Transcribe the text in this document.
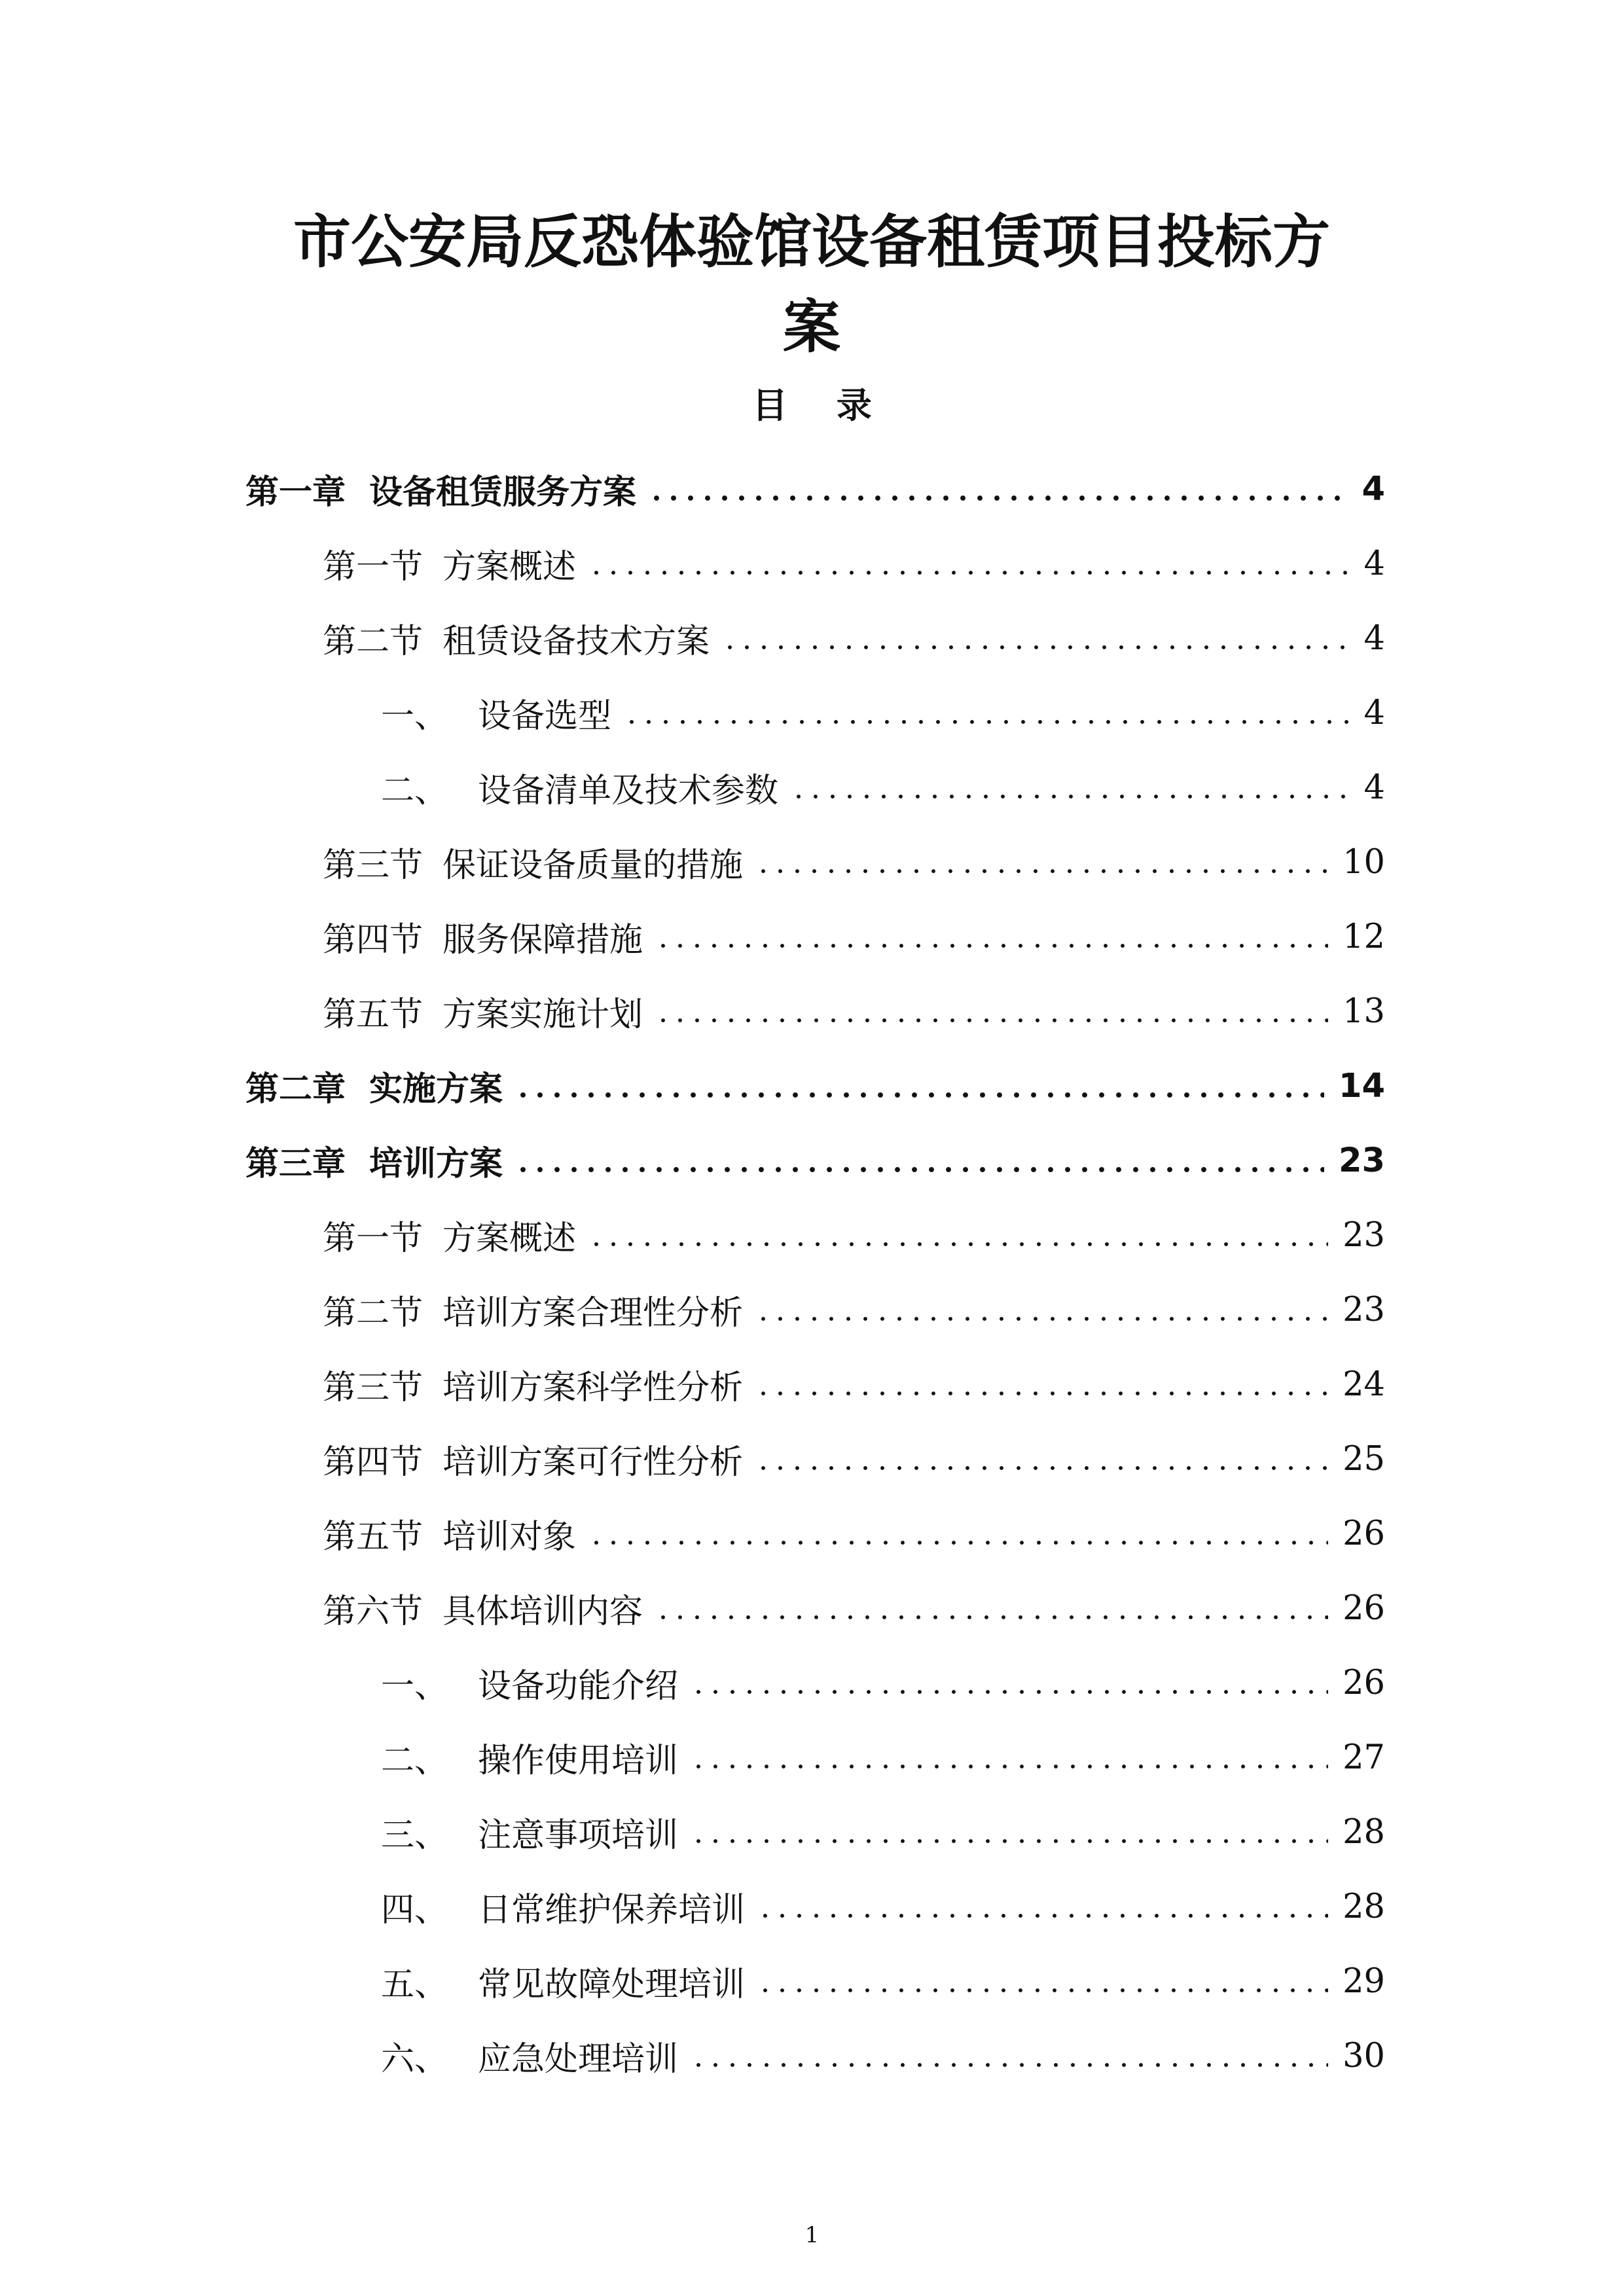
市公安局反恐体验馆设备租赁项目投标方
案
目 录
第一章 设备租赁服务方案	4
第一节 方案概述	4
第二节 租赁设备技术方案	4
一、 设备选型	4
二、 设备清单及技术参数	4
第三节 保证设备质量的措施	10
第四节 服务保障措施	12
第五节 方案实施计划	13
第二章 实施方案	14
第三章 培训方案	23
第一节 方案概述	23
第二节 培训方案合理性分析	23
第三节 培训方案科学性分析	24
第四节 培训方案可行性分析	25
第五节 培训对象	26
第六节 具体培训内容	26
一、 设备功能介绍	26
二、 操作使用培训	27
三、 注意事项培训	28
四、 日常维护保养培训	28
五、 常见故障处理培训	29
六、 应急处理培训	30
1
